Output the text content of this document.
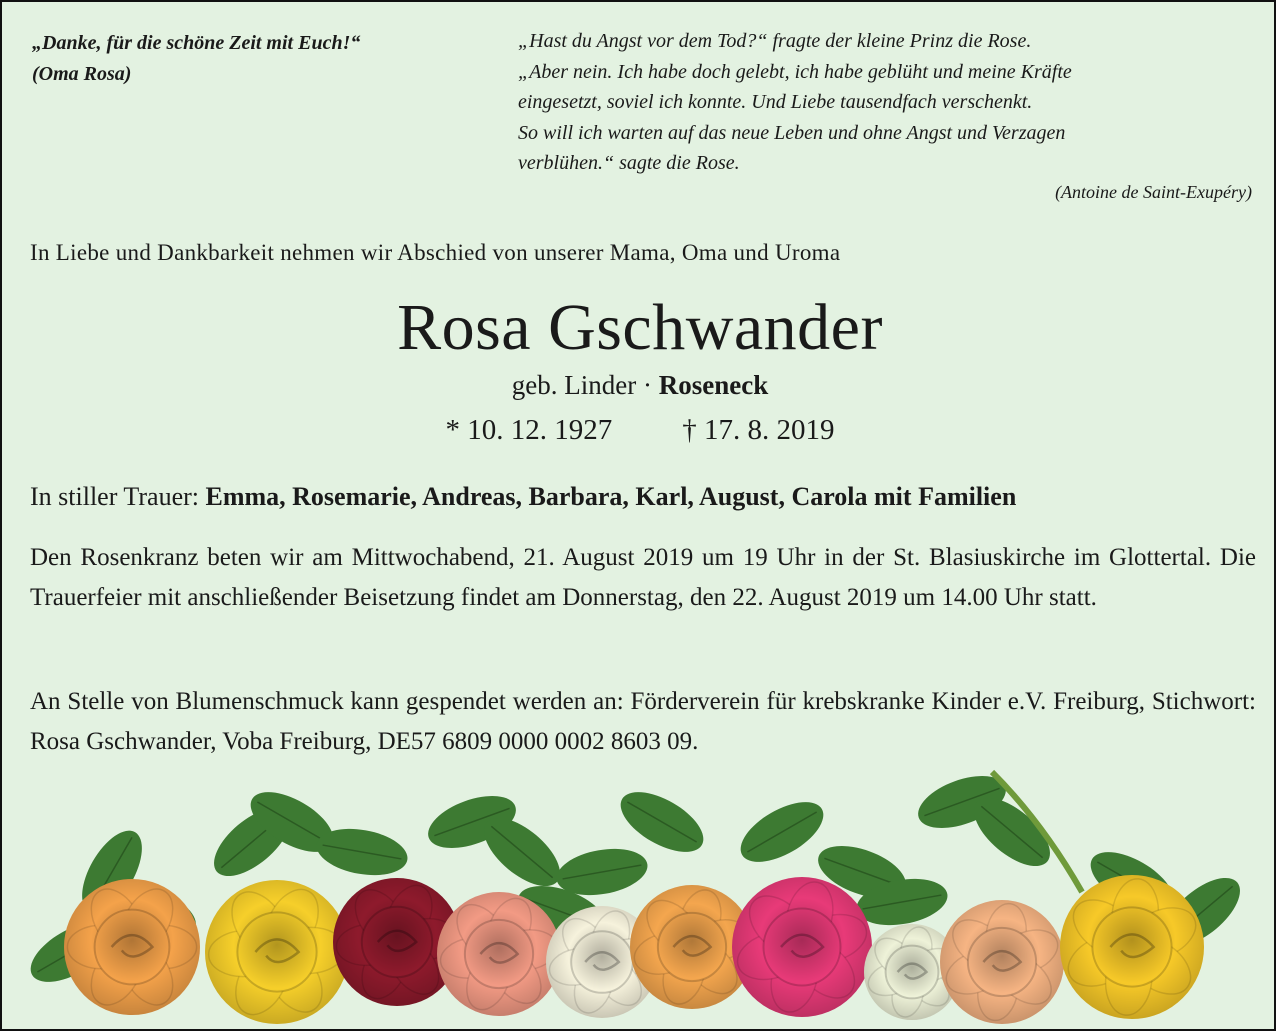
„Danke, für die schöne Zeit mit Euch!“
(Oma Rosa)
„Hast du Angst vor dem Tod?“ fragte der kleine Prinz die Rose.
„Aber nein. Ich habe doch gelebt, ich habe geblüht und meine Kräfte
eingesetzt, soviel ich konnte. Und Liebe tausendfach verschenkt.
So will ich warten auf das neue Leben und ohne Angst und Verzagen
verblühen.“ sagte die Rose.
(Antoine de Saint-Exupéry)
In Liebe und Dankbarkeit nehmen wir Abschied von unserer Mama, Oma und Uroma
Rosa Gschwander
geb. Linder · Roseneck
* 10. 12. 1927 † 17. 8. 2019
In stiller Trauer: Emma, Rosemarie, Andreas, Barbara, Karl, August, Carola mit Familien
Den Rosenkranz beten wir am Mittwochabend, 21. August 2019 um 19 Uhr in der St. Blasiuskirche im Glottertal. Die Trauerfeier mit anschließender Beisetzung findet am Donnerstag, den 22. August 2019 um 14.00 Uhr statt.
An Stelle von Blumenschmuck kann gespendet werden an: Förderverein für krebskranke Kinder e.V. Freiburg, Stichwort: Rosa Gschwander, Voba Freiburg, DE57 6809 0000 0002 8603 09.
